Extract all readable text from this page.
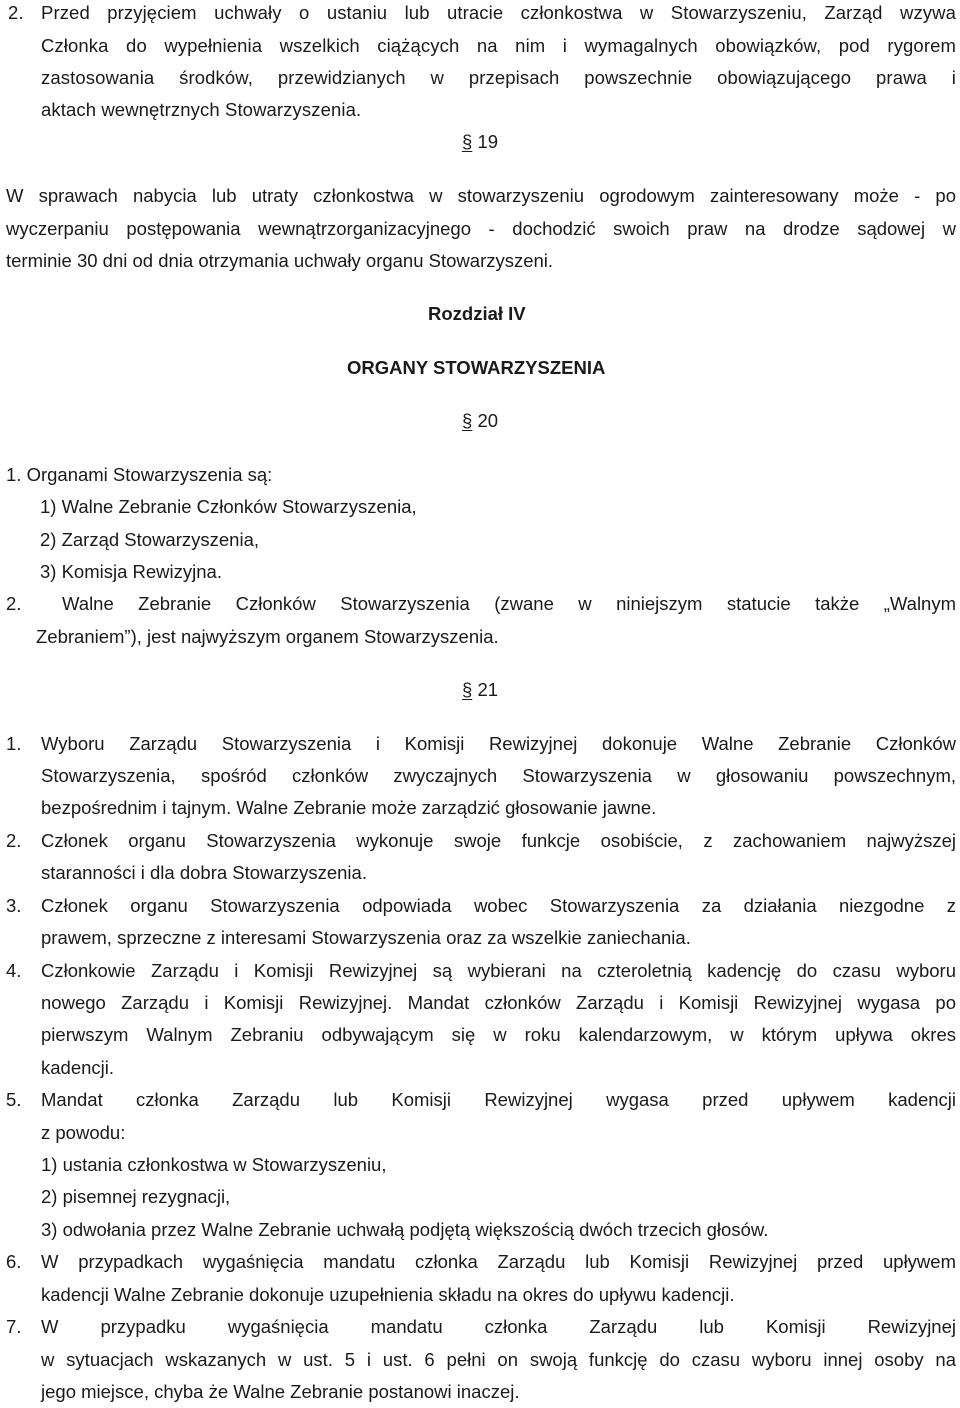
2. Przed przyjęciem uchwały o ustaniu lub utracie członkostwa w Stowarzyszeniu, Zarząd wzywa
Członka do wypełnienia wszelkich ciążących na nim i wymagalnych obowiązków, pod rygorem
zastosowania środków, przewidzianych w przepisach powszechnie obowiązującego prawa i
aktach wewnętrznych Stowarzyszenia.
§ 19
W sprawach nabycia lub utraty członkostwa w stowarzyszeniu ogrodowym zainteresowany może - po
wyczerpaniu postępowania wewnątrzorganizacyjnego - dochodzić swoich praw na drodze sądowej w
terminie 30 dni od dnia otrzymania uchwały organu Stowarzyszeni.
Rozdział IV
ORGANY STOWARZYSZENIA
§ 20
1. Organami Stowarzyszenia są:
1) Walne Zebranie Członków Stowarzyszenia,
2) Zarząd Stowarzyszenia,
3) Komisja Rewizyjna.
2. Walne Zebranie Członków Stowarzyszenia (zwane w niniejszym statucie także „Walnym
Zebraniem”), jest najwyższym organem Stowarzyszenia.
§ 21
1. Wyboru Zarządu Stowarzyszenia i Komisji Rewizyjnej dokonuje Walne Zebranie Członków
Stowarzyszenia, spośród członków zwyczajnych Stowarzyszenia w głosowaniu powszechnym,
bezpośrednim i tajnym. Walne Zebranie może zarządzić głosowanie jawne.
2. Członek organu Stowarzyszenia wykonuje swoje funkcje osobiście, z zachowaniem najwyższej
staranności i dla dobra Stowarzyszenia.
3. Członek organu Stowarzyszenia odpowiada wobec Stowarzyszenia za działania niezgodne z
prawem, sprzeczne z interesami Stowarzyszenia oraz za wszelkie zaniechania.
4. Członkowie Zarządu i Komisji Rewizyjnej są wybierani na czteroletnią kadencję do czasu wyboru
nowego Zarządu i Komisji Rewizyjnej. Mandat członków Zarządu i Komisji Rewizyjnej wygasa po
pierwszym Walnym Zebraniu odbywającym się w roku kalendarzowym, w którym upływa okres
kadencji.
5. Mandat członka Zarządu lub Komisji Rewizyjnej wygasa przed upływem kadencji
z powodu:
1) ustania członkostwa w Stowarzyszeniu,
2) pisemnej rezygnacji,
3) odwołania przez Walne Zebranie uchwałą podjętą większością dwóch trzecich głosów.
6. W przypadkach wygaśnięcia mandatu członka Zarządu lub Komisji Rewizyjnej przed upływem
kadencji Walne Zebranie dokonuje uzupełnienia składu na okres do upływu kadencji.
7. W przypadku wygaśnięcia mandatu członka Zarządu lub Komisji Rewizyjnej
w sytuacjach wskazanych w ust. 5 i ust. 6 pełni on swoją funkcję do czasu wyboru innej osoby na
jego miejsce, chyba że Walne Zebranie postanowi inaczej.
